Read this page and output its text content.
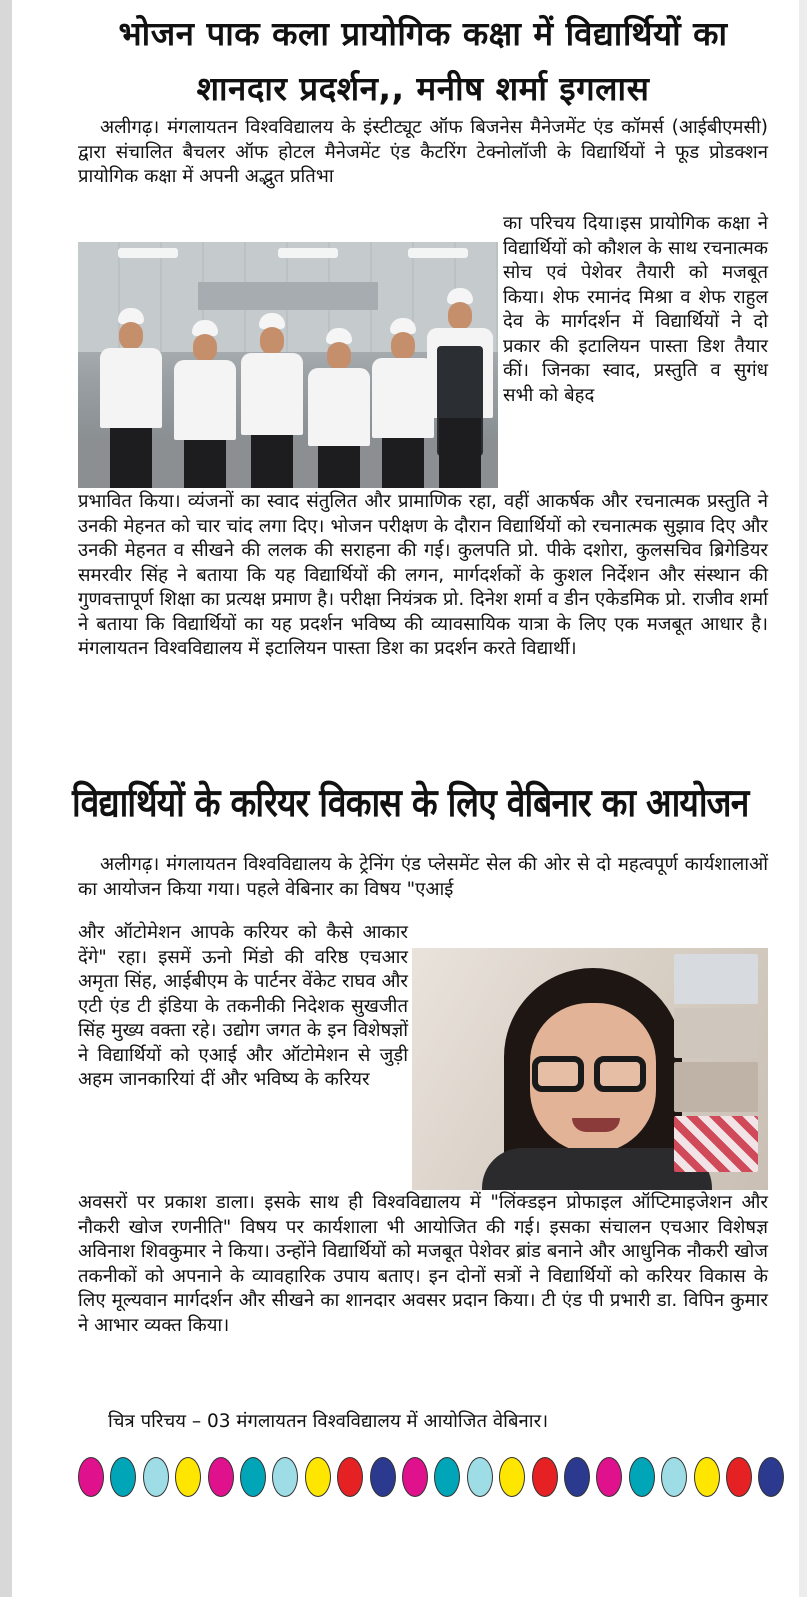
भोजन पाक कला प्रायोगिक कक्षा में विद्यार्थियों का
शानदार प्रदर्शन,, मनीष शर्मा इगलास

अलीगढ़। मंगलायतन विश्वविद्यालय के इंस्टीट्यूट ऑफ बिजनेस मैनेजमेंट एंड कॉमर्स (आईबीएमसी) द्वारा संचालित बैचलर ऑफ होटल मैनेजमेंट एंड कैटरिंग टेक्नोलॉजी के विद्यार्थियों ने फूड प्रोडक्शन प्रायोगिक कक्षा में अपनी अद्भुत प्रतिभा

का परिचय दिया।इस प्रायोगिक कक्षा ने विद्यार्थियों को कौशल के साथ रचनात्मक सोच एवं पेशेवर तैयारी को मजबूत किया। शेफ रमानंद मिश्रा व शेफ राहुल देव के मार्गदर्शन में विद्यार्थियों ने दो प्रकार की इटालियन पास्ता डिश तैयार कीं। जिनका स्वाद, प्रस्तुति व सुगंध सभी को बेहद

प्रभावित किया। व्यंजनों का स्वाद संतुलित और प्रामाणिक रहा, वहीं आकर्षक और रचनात्मक प्रस्तुति ने उनकी मेहनत को चार चांद लगा दिए। भोजन परीक्षण के दौरान विद्यार्थियों को रचनात्मक सुझाव दिए और उनकी मेहनत व सीखने की ललक की सराहना की गई। कुलपति प्रो. पीके दशोरा, कुलसचिव ब्रिगेडियर समरवीर सिंह ने बताया कि यह विद्यार्थियों की लगन, मार्गदर्शकों के कुशल निर्देशन और संस्थान की गुणवत्तापूर्ण शिक्षा का प्रत्यक्ष प्रमाण है। परीक्षा नियंत्रक प्रो. दिनेश शर्मा व डीन एकेडमिक प्रो. राजीव शर्मा ने बताया कि विद्यार्थियों का यह प्रदर्शन भविष्य की व्यावसायिक यात्रा के लिए एक मजबूत आधार है। मंगलायतन विश्वविद्यालय में इटालियन पास्ता डिश का प्रदर्शन करते विद्यार्थी।

विद्यार्थियों के करियर विकास के लिए वेबिनार का आयोजन

अलीगढ़। मंगलायतन विश्वविद्यालय के ट्रेनिंग एंड प्लेसमेंट सेल की ओर से दो महत्वपूर्ण कार्यशालाओं का आयोजन किया गया। पहले वेबिनार का विषय "एआई

और ऑटोमेशन आपके करियर को कैसे आकार देंगे" रहा। इसमें ऊनो मिंडो की वरिष्ठ एचआर अमृता सिंह, आईबीएम के पार्टनर वेंकेट राघव और एटी एंड टी इंडिया के तकनीकी निदेशक सुखजीत सिंह मुख्य वक्ता रहे। उद्योग जगत के इन विशेषज्ञों ने विद्यार्थियों को एआई और ऑटोमेशन से जुड़ी अहम जानकारियां दीं और भविष्य के करियर

अवसरों पर प्रकाश डाला। इसके साथ ही विश्वविद्यालय में "लिंक्डइन प्रोफाइल ऑप्टिमाइजेशन और नौकरी खोज रणनीति" विषय पर कार्यशाला भी आयोजित की गई। इसका संचालन एचआर विशेषज्ञ अविनाश शिवकुमार ने किया। उन्होंने विद्यार्थियों को मजबूत पेशेवर ब्रांड बनाने और आधुनिक नौकरी खोज तकनीकों को अपनाने के व्यावहारिक उपाय बताए। इन दोनों सत्रों ने विद्यार्थियों को करियर विकास के लिए मूल्यवान मार्गदर्शन और सीखने का शानदार अवसर प्रदान किया। टी एंड पी प्रभारी डा. विपिन कुमार ने आभार व्यक्त किया।

चित्र परिचय – 03 मंगलायतन विश्वविद्यालय में आयोजित वेबिनार।
